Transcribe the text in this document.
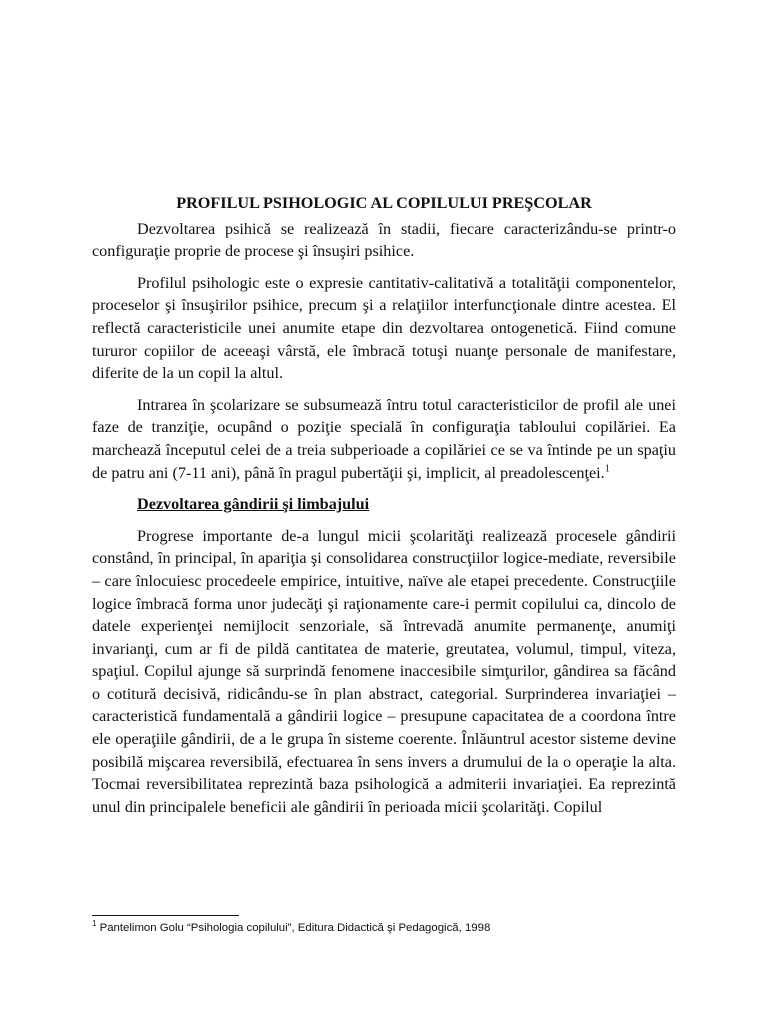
PROFILUL PSIHOLOGIC AL COPILULUI PREŞCOLAR

Dezvoltarea psihică se realizează în stadii, fiecare caracterizându-se printr-o configuraţie proprie de procese şi însuşiri psihice.

Profilul psihologic este o expresie cantitativ-calitativă a totalităţii componentelor, proceselor şi însuşirilor psihice, precum şi a relaţiilor interfuncţionale dintre acestea. El reflectă caracteristicile unei anumite etape din dezvoltarea ontogenetică. Fiind comune tururor copiilor de aceeaşi vârstă, ele îmbracă totuşi nuanţe personale de manifestare, diferite de la un copil la altul.

Intrarea în şcolarizare se subsumează întru totul caracteristicilor de profil ale unei faze de tranziţie, ocupând o poziţie specială în configuraţia tabloului copilăriei. Ea marchează începutul celei de a treia subperioade a copilăriei ce se va întinde pe un spaţiu de patru ani (7-11 ani), până în pragul pubertăţii şi, implicit, al preadolescenţei.$^1$

Dezvoltarea gândirii şi limbajului

Progrese importante de-a lungul micii şcolarităţi realizează procesele gândirii constând, în principal, în apariţia şi consolidarea construcţiilor logice-mediate, reversibile – care înlocuiesc procedeele empirice, intuitive, naïve ale etapei precedente. Construcţiile logice îmbracă forma unor judecăţi şi raţionamente care-i permit copilului ca, dincolo de datele experienţei nemijlocit senzoriale, să întrevadă anumite permanenţe, anumiţi invarianţi, cum ar fi de pildă cantitatea de materie, greutatea, volumul, timpul, viteza, spaţiul. Copilul ajunge să surprindă fenomene inaccesibile simţurilor, gândirea sa făcând o cotitură decisivă, ridicându-se în plan abstract, categorial. Surprinderea invariaţiei – caracteristică fundamentală a gândirii logice – presupune capacitatea de a coordona între ele operaţiile gândirii, de a le grupa în sisteme coerente. Înlăuntrul acestor sisteme devine posibilă mişcarea reversibilă, efectuarea în sens invers a drumului de la o operaţie la alta. Tocmai reversibilitatea reprezintă baza psihologică a admiterii invariaţiei. Ea reprezintă unul din principalele beneficii ale gândirii în perioada micii şcolarităţi. Copilul

$^1$ Pantelimon Golu “Psihologia copilului”, Editura Didactică şi Pedagogică, 1998
